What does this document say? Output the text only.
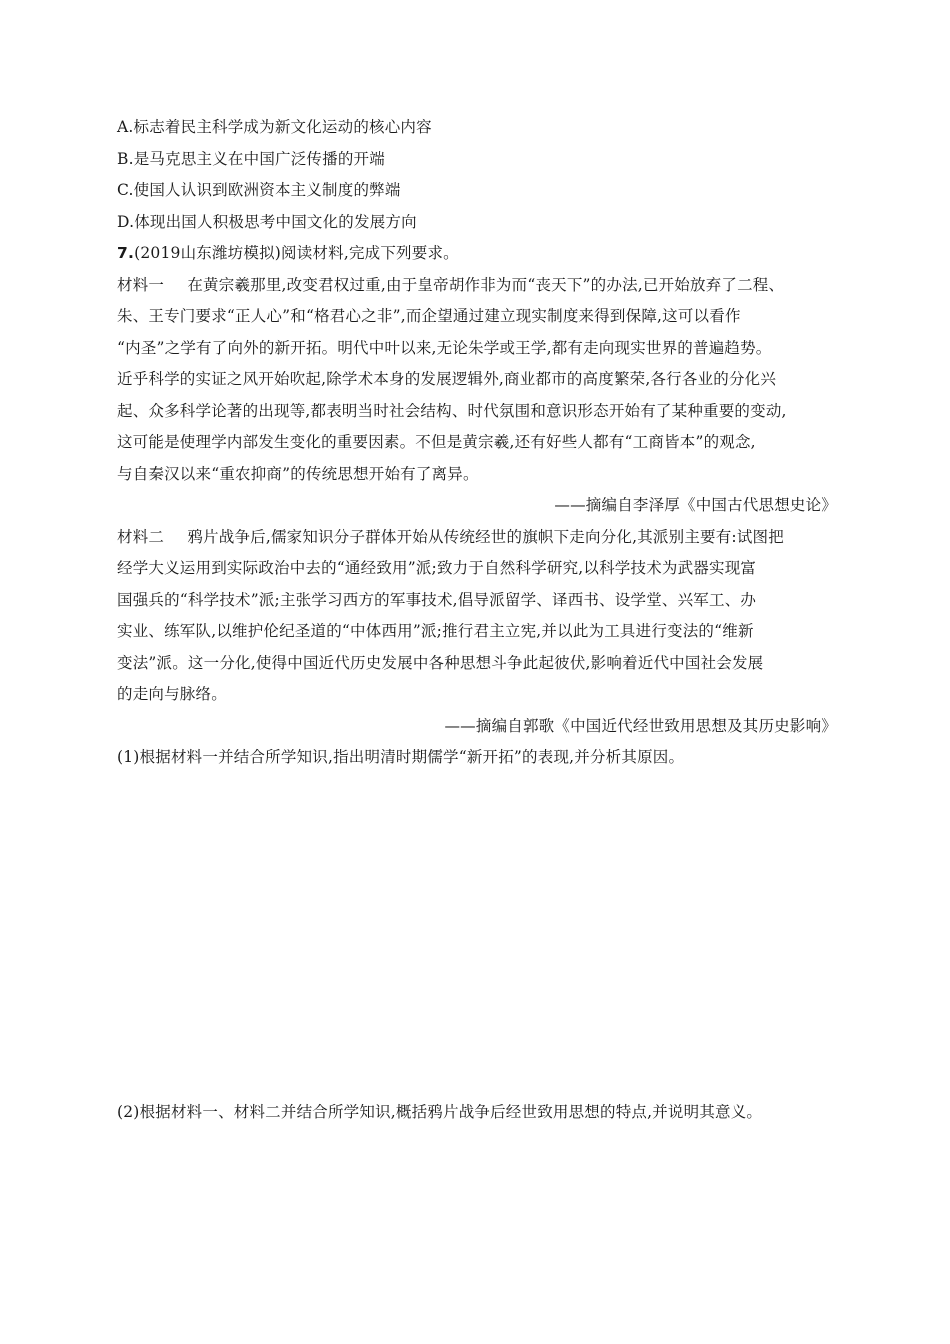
A.标志着民主科学成为新文化运动的核心内容
B.是马克思主义在中国广泛传播的开端
C.使国人认识到欧洲资本主义制度的弊端
D.体现出国人积极思考中国文化的发展方向
7.(2019山东潍坊模拟)阅读材料,完成下列要求。
材料一 在黄宗羲那里,改变君权过重,由于皇帝胡作非为而“丧天下”的办法,已开始放弃了二程、
朱、王专门要求“正人心”和“格君心之非”,而企望通过建立现实制度来得到保障,这可以看作
“内圣”之学有了向外的新开拓。明代中叶以来,无论朱学或王学,都有走向现实世界的普遍趋势。
近乎科学的实证之风开始吹起,除学术本身的发展逻辑外,商业都市的高度繁荣,各行各业的分化兴
起、众多科学论著的出现等,都表明当时社会结构、时代氛围和意识形态开始有了某种重要的变动,
这可能是使理学内部发生变化的重要因素。不但是黄宗羲,还有好些人都有“工商皆本”的观念,
与自秦汉以来“重农抑商”的传统思想开始有了离异。
——摘编自李泽厚《中国古代思想史论》
材料二 鸦片战争后,儒家知识分子群体开始从传统经世的旗帜下走向分化,其派别主要有:试图把
经学大义运用到实际政治中去的“通经致用”派;致力于自然科学研究,以科学技术为武器实现富
国强兵的“科学技术”派;主张学习西方的军事技术,倡导派留学、译西书、设学堂、兴军工、办
实业、练军队,以维护伦纪圣道的“中体西用”派;推行君主立宪,并以此为工具进行变法的“维新
变法”派。这一分化,使得中国近代历史发展中各种思想斗争此起彼伏,影响着近代中国社会发展
的走向与脉络。
——摘编自郭歌《中国近代经世致用思想及其历史影响》
(1)根据材料一并结合所学知识,指出明清时期儒学“新开拓”的表现,并分析其原因。
(2)根据材料一、材料二并结合所学知识,概括鸦片战争后经世致用思想的特点,并说明其意义。
